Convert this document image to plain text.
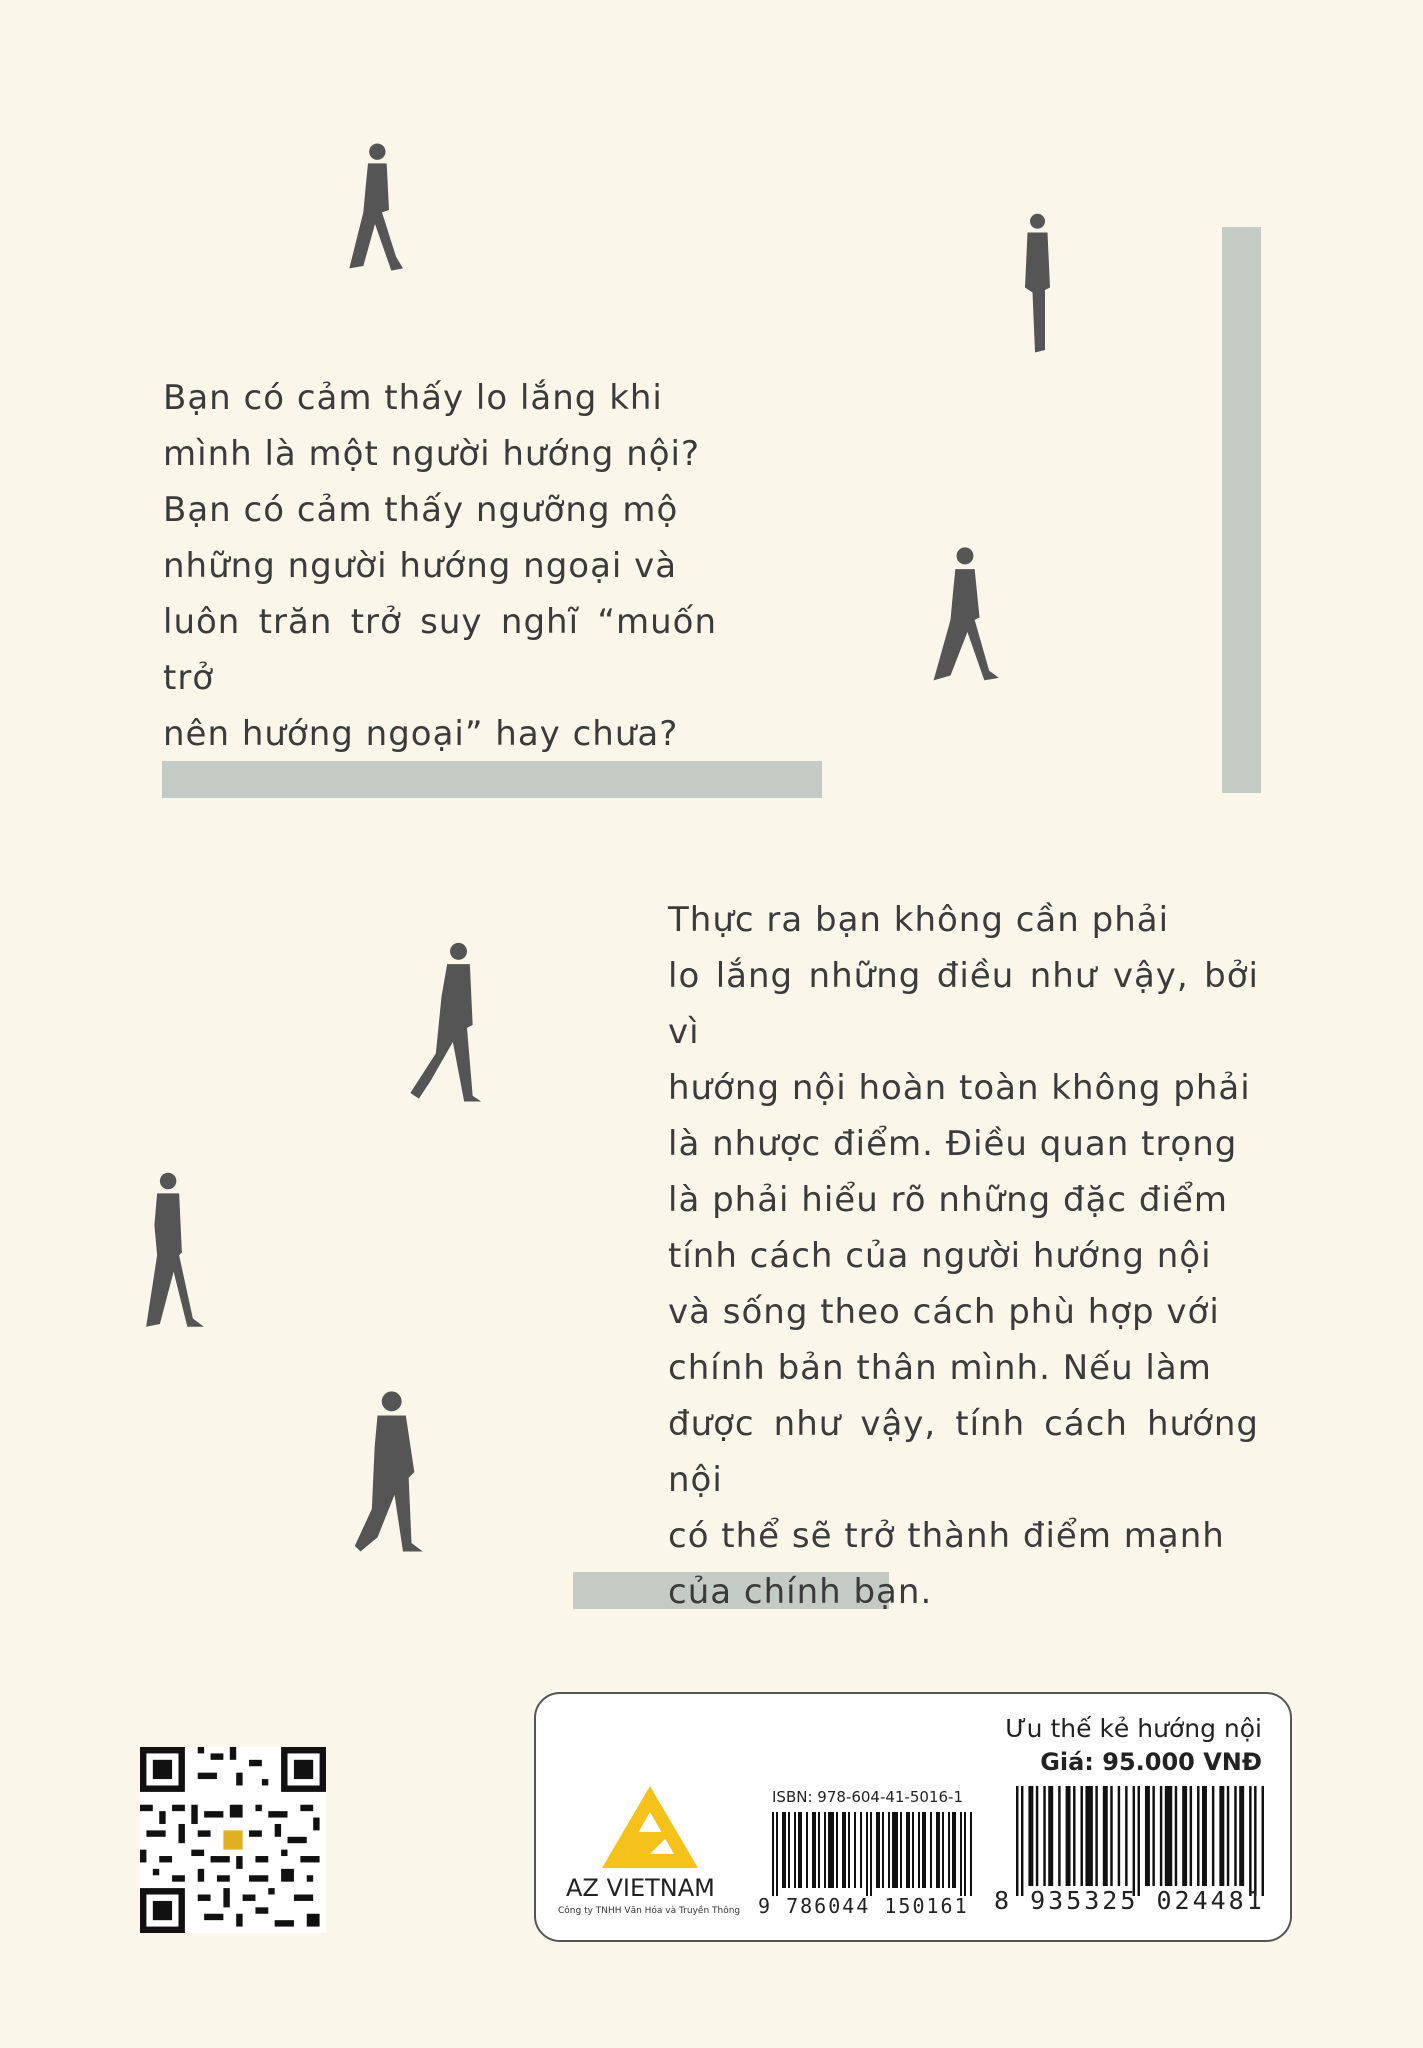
Bạn có cảm thấy lo lắng khi

mình là một người hướng nội?

Bạn có cảm thấy ngưỡng mộ

những người hướng ngoại và

luôn trăn trở suy nghĩ “muốn trở

nên hướng ngoại” hay chưa?

Thực ra bạn không cần phải

lo lắng những điều như vậy, bởi vì

hướng nội hoàn toàn không phải

là nhược điểm. Điều quan trọng

là phải hiểu rõ những đặc điểm

tính cách của người hướng nội

và sống theo cách phù hợp với

chính bản thân mình. Nếu làm

được như vậy, tính cách hướng nội

có thể sẽ trở thành điểm mạnh

của chính bạn.

Ưu thế kẻ hướng nội
Giá: 95.000 VNĐ
AZ VIETNAM
Công ty TNHH Văn Hóa và Truyền Thông
ISBN: 978-604-41-5016-1
9 786044 150161 8 935325 024481
